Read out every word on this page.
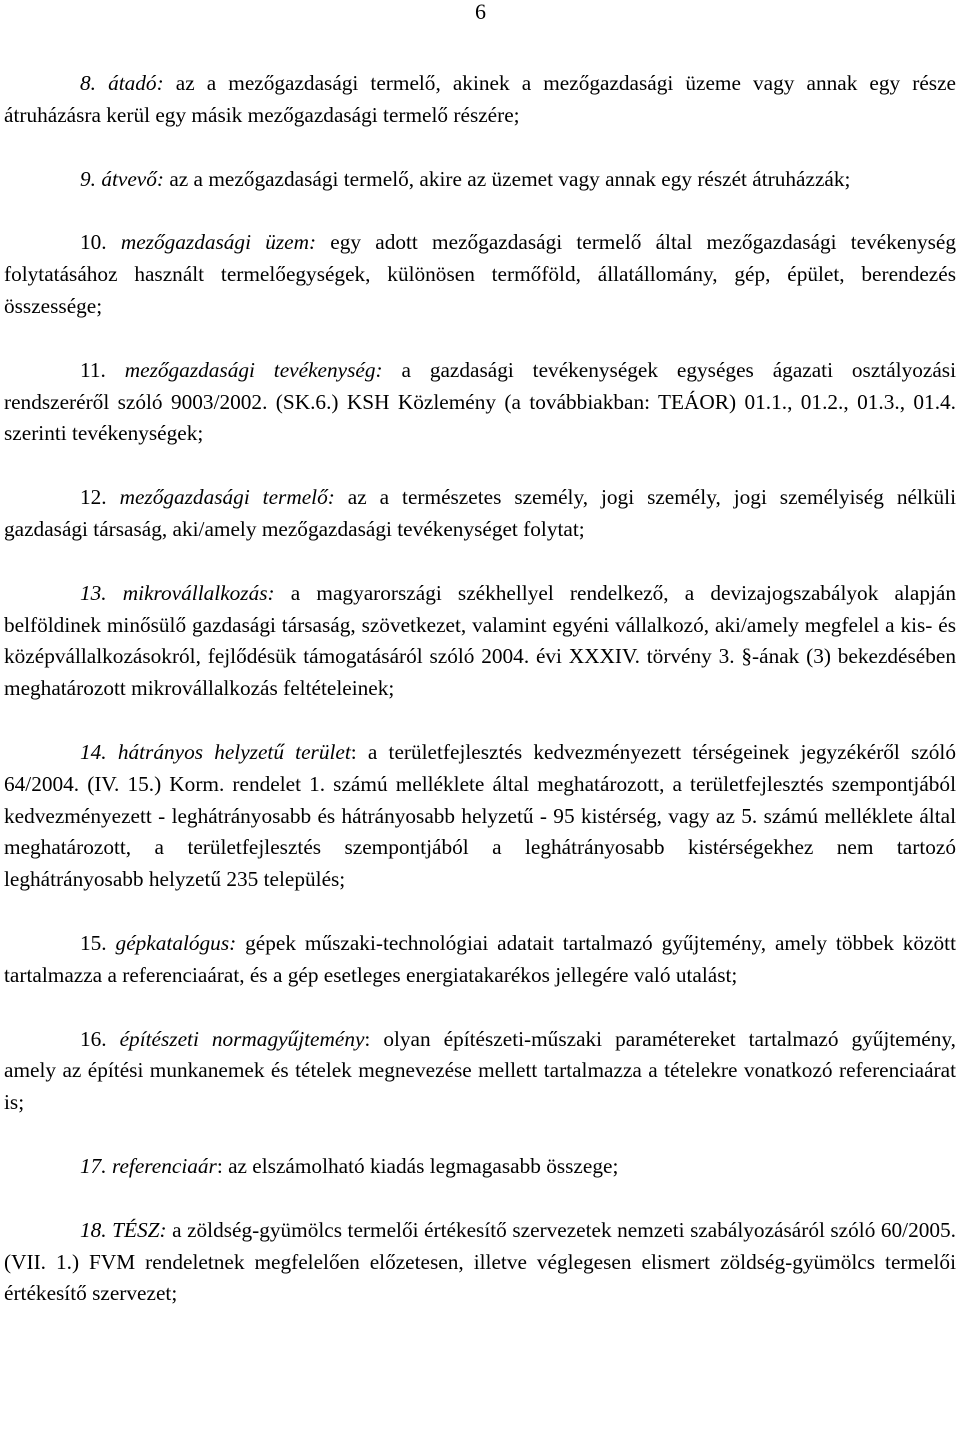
6

8. átadó: az a mezőgazdasági termelő, akinek a mezőgazdasági üzeme vagy annak egy része átruházásra kerül egy másik mezőgazdasági termelő részére;

9. átvevő: az a mezőgazdasági termelő, akire az üzemet vagy annak egy részét átruházzák;

10. mezőgazdasági üzem: egy adott mezőgazdasági termelő által mezőgazdasági tevékenység folytatásához használt termelőegységek, különösen termőföld, állatállomány, gép, épület, berendezés összessége;

11. mezőgazdasági tevékenység: a gazdasági tevékenységek egységes ágazati osztályozási rendszeréről szóló 9003/2002. (SK.6.) KSH Közlemény (a továbbiakban: TEÁOR) 01.1., 01.2., 01.3., 01.4. szerinti tevékenységek;

12. mezőgazdasági termelő: az a természetes személy, jogi személy, jogi személyiség nélküli gazdasági társaság, aki/amely mezőgazdasági tevékenységet folytat;

13. mikrovállalkozás: a magyarországi székhellyel rendelkező, a devizajogszabályok alapján belföldinek minősülő gazdasági társaság, szövetkezet, valamint egyéni vállalkozó, aki/amely megfelel a kis- és középvállalkozásokról, fejlődésük támogatásáról szóló 2004. évi XXXIV. törvény 3. §-ának (3) bekezdésében meghatározott mikrovállalkozás feltételeinek;

14. hátrányos helyzetű terület: a területfejlesztés kedvezményezett térségeinek jegyzékéről szóló 64/2004. (IV. 15.) Korm. rendelet 1. számú melléklete által meghatározott, a területfejlesztés szempontjából kedvezményezett - leghátrányosabb és hátrányosabb helyzetű - 95 kistérség, vagy az 5. számú melléklete által meghatározott, a területfejlesztés szempontjából a leghátrányosabb kistérségekhez nem tartozó leghátrányosabb helyzetű 235 település;

15. gépkatalógus: gépek műszaki-technológiai adatait tartalmazó gyűjtemény, amely többek között tartalmazza a referenciaárat, és a gép esetleges energiatakarékos jellegére való utalást;

16. építészeti normagyűjtemény: olyan építészeti-műszaki paramétereket tartalmazó gyűjtemény, amely az építési munkanemek és tételek megnevezése mellett tartalmazza a tételekre vonatkozó referenciaárat is;

17. referenciaár: az elszámolható kiadás legmagasabb összege;

18. TÉSZ: a zöldség-gyümölcs termelői értékesítő szervezetek nemzeti szabályozásáról szóló 60/2005.(VII. 1.) FVM rendeletnek megfelelően előzetesen, illetve véglegesen elismert zöldség-gyümölcs termelői értékesítő szervezet;
